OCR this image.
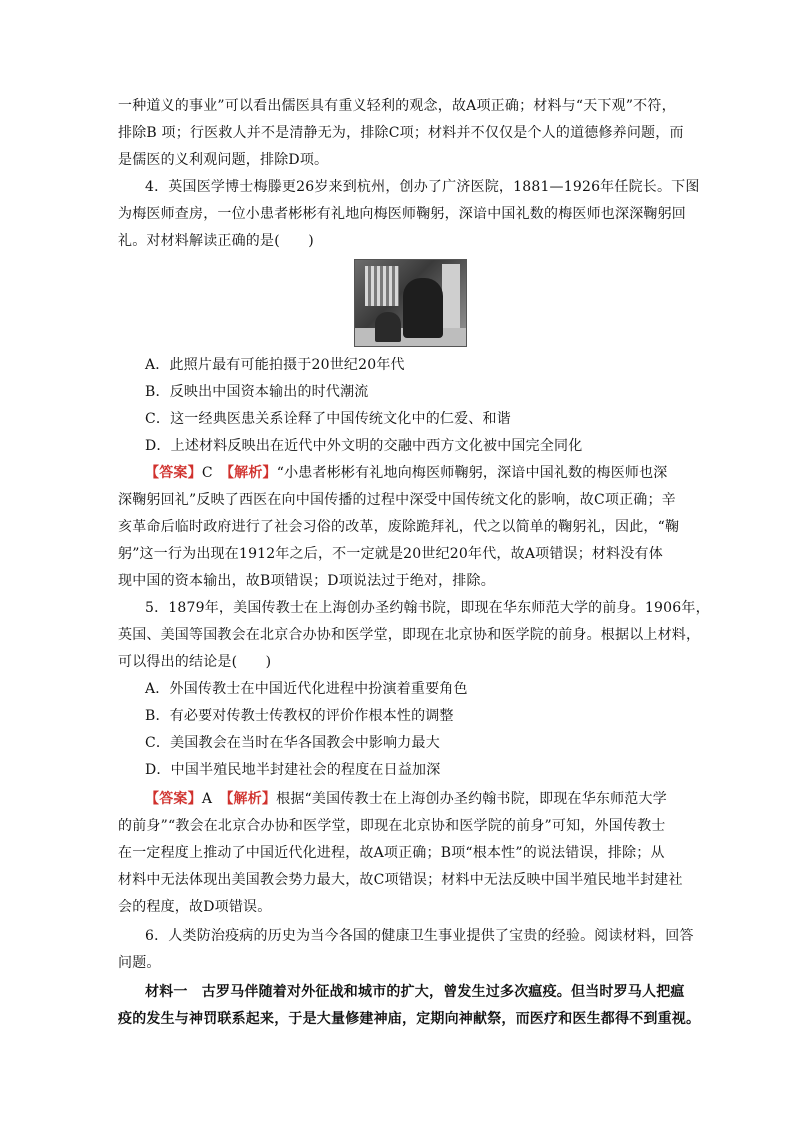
一种道义的事业”可以看出儒医具有重义轻利的观念，故A项正确；材料与“天下观”不符，
排除B 项；行医救人并不是清静无为，排除C项；材料并不仅仅是个人的道德修养问题，而
是儒医的义利观问题，排除D项。
4．英国医学博士梅滕更26岁来到杭州，创办了广济医院，1881—1926年任院长。下图
为梅医师查房，一位小患者彬彬有礼地向梅医师鞠躬，深谙中国礼数的梅医师也深深鞠躬回
礼。对材料解读正确的是(　　)
A．此照片最有可能拍摄于20世纪20年代
B．反映出中国资本输出的时代潮流
C．这一经典医患关系诠释了中国传统文化中的仁爱、和谐
D．上述材料反映出在近代中外文明的交融中西方文化被中国完全同化
【答案】C　 【解析】“小患者彬彬有礼地向梅医师鞠躬，深谙中国礼数的梅医师也深
深鞠躬回礼”反映了西医在向中国传播的过程中深受中国传统文化的影响，故C项正确；辛
亥革命后临时政府进行了社会习俗的改革，废除跪拜礼，代之以简单的鞠躬礼，因此，“鞠
躬”这一行为出现在1912年之后，不一定就是20世纪20年代，故A项错误；材料没有体
现中国的资本输出，故B项错误；D项说法过于绝对，排除。
5．1879年，美国传教士在上海创办圣约翰书院，即现在华东师范大学的前身。1906年，
英国、美国等国教会在北京合办协和医学堂，即现在北京协和医学院的前身。根据以上材料，
可以得出的结论是(　　)
A．外国传教士在中国近代化进程中扮演着重要角色
B．有必要对传教士传教权的评价作根本性的调整
C．美国教会在当时在华各国教会中影响力最大
D．中国半殖民地半封建社会的程度在日益加深
【答案】A　 【解析】根据“美国传教士在上海创办圣约翰书院，即现在华东师范大学
的前身”“教会在北京合办协和医学堂，即现在北京协和医学院的前身”可知，外国传教士
在一定程度上推动了中国近代化进程，故A项正确；B项“根本性”的说法错误，排除；从
材料中无法体现出美国教会势力最大，故C项错误；材料中无法反映中国半殖民地半封建社
会的程度，故D项错误。
6．人类防治疫病的历史为当今各国的健康卫生事业提供了宝贵的经验。阅读材料，回答
问题。
材料一　古罗马伴随着对外征战和城市的扩大，曾发生过多次瘟疫。但当时罗马人把瘟
疫的发生与神罚联系起来，于是大量修建神庙，定期向神献祭，而医疗和医生都得不到重视。
